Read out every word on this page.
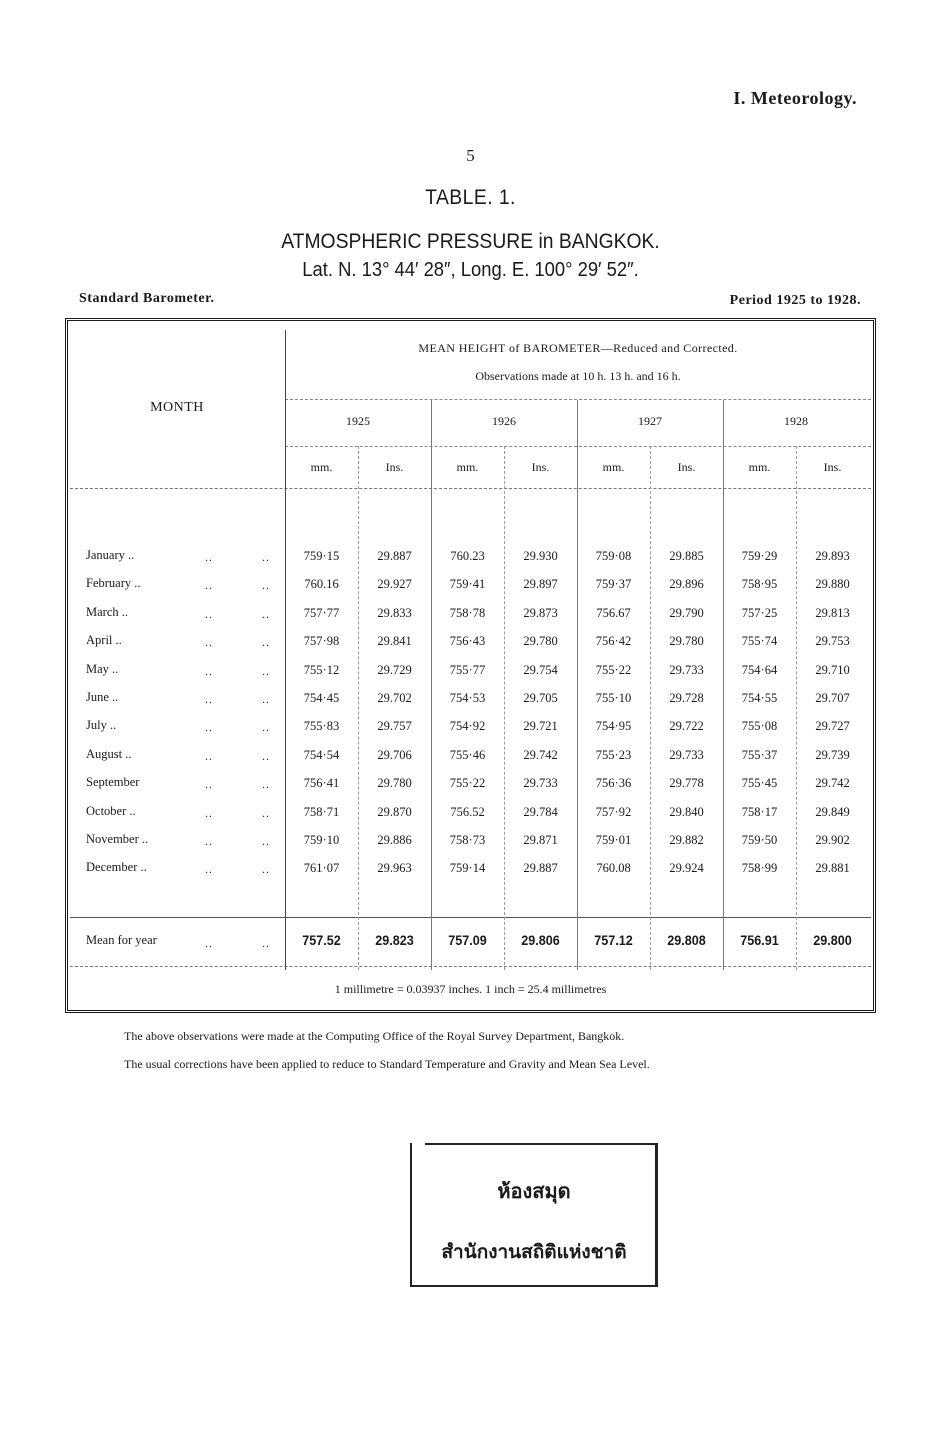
I. Meteorology.
5
TABLE. 1.
ATMOSPHERIC PRESSURE in BANGKOK.
Lat. N. 13° 44′ 28″, Long. E. 100° 29′ 52″.
Standard Barometer.	Period 1925 to 1928.
MONTH
MEAN HEIGHT of BAROMETER—Reduced and Corrected.
Observations made at 10 h. 13 h. and 16 h.
1925	1926	1927	1928
mm.	Ins.	mm.	Ins.	mm.	Ins.	mm.	Ins.
January ..	..	..	759·15	29.887	760.23	29.930	759·08	29.885	759·29	29.893
February ..	..	..	760.16	29.927	759·41	29.897	759·37	29.896	758·95	29.880
March ..	..	..	757·77	29.833	758·78	29.873	756.67	29.790	757·25	29.813
April ..	..	..	757·98	29.841	756·43	29.780	756·42	29.780	755·74	29.753
May ..	..	..	755·12	29.729	755·77	29.754	755·22	29.733	754·64	29.710
June ..	..	..	754·45	29.702	754·53	29.705	755·10	29.728	754·55	29.707
July ..	..	..	755·83	29.757	754·92	29.721	754·95	29.722	755·08	29.727
August ..	..	..	754·54	29.706	755·46	29.742	755·23	29.733	755·37	29.739
September	..	..	756·41	29.780	755·22	29.733	756·36	29.778	755·45	29.742
October ..	..	..	758·71	29.870	756.52	29.784	757·92	29.840	758·17	29.849
November ..	..	..	759·10	29.886	758·73	29.871	759·01	29.882	759·50	29.902
December ..	..	..	761·07	29.963	759·14	29.887	760.08	29.924	758·99	29.881
Mean for year	..	..	757.52	29.823	757.09	29.806	757.12	29.808	756.91	29.800
1 millimetre = 0.03937 inches. 1 inch = 25.4 millimetres
The above observations were made at the Computing Office of the Royal Survey Department, Bangkok.
The usual corrections have been applied to reduce to Standard Temperature and Gravity and Mean Sea Level.
ห้องสมุด
สำนักงานสถิติแห่งชาติ
